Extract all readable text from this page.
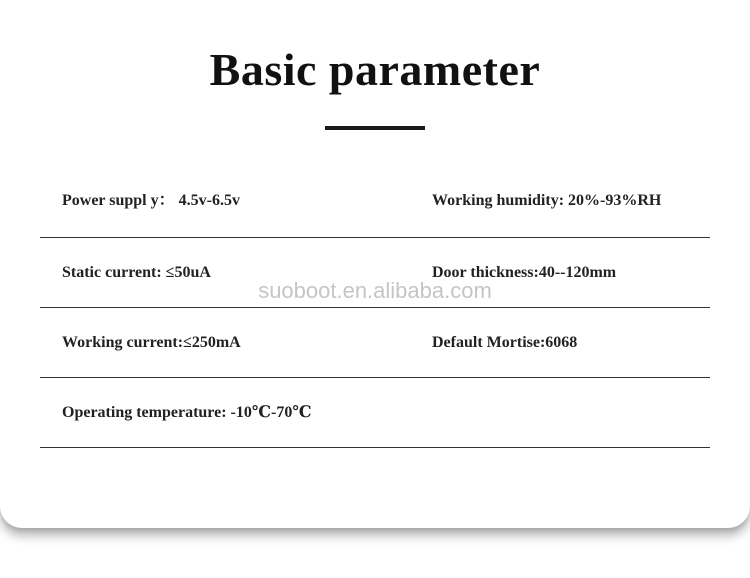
Basic parameter
Power suppl y： 4.5v-6.5v	Working humidity: 20%-93%RH
Static current: ≤50uA	Door thickness:40--120mm
Working current:≤250mA	Default Mortise:6068
Operating temperature: -10℃-70℃
suoboot.en.alibaba.com
